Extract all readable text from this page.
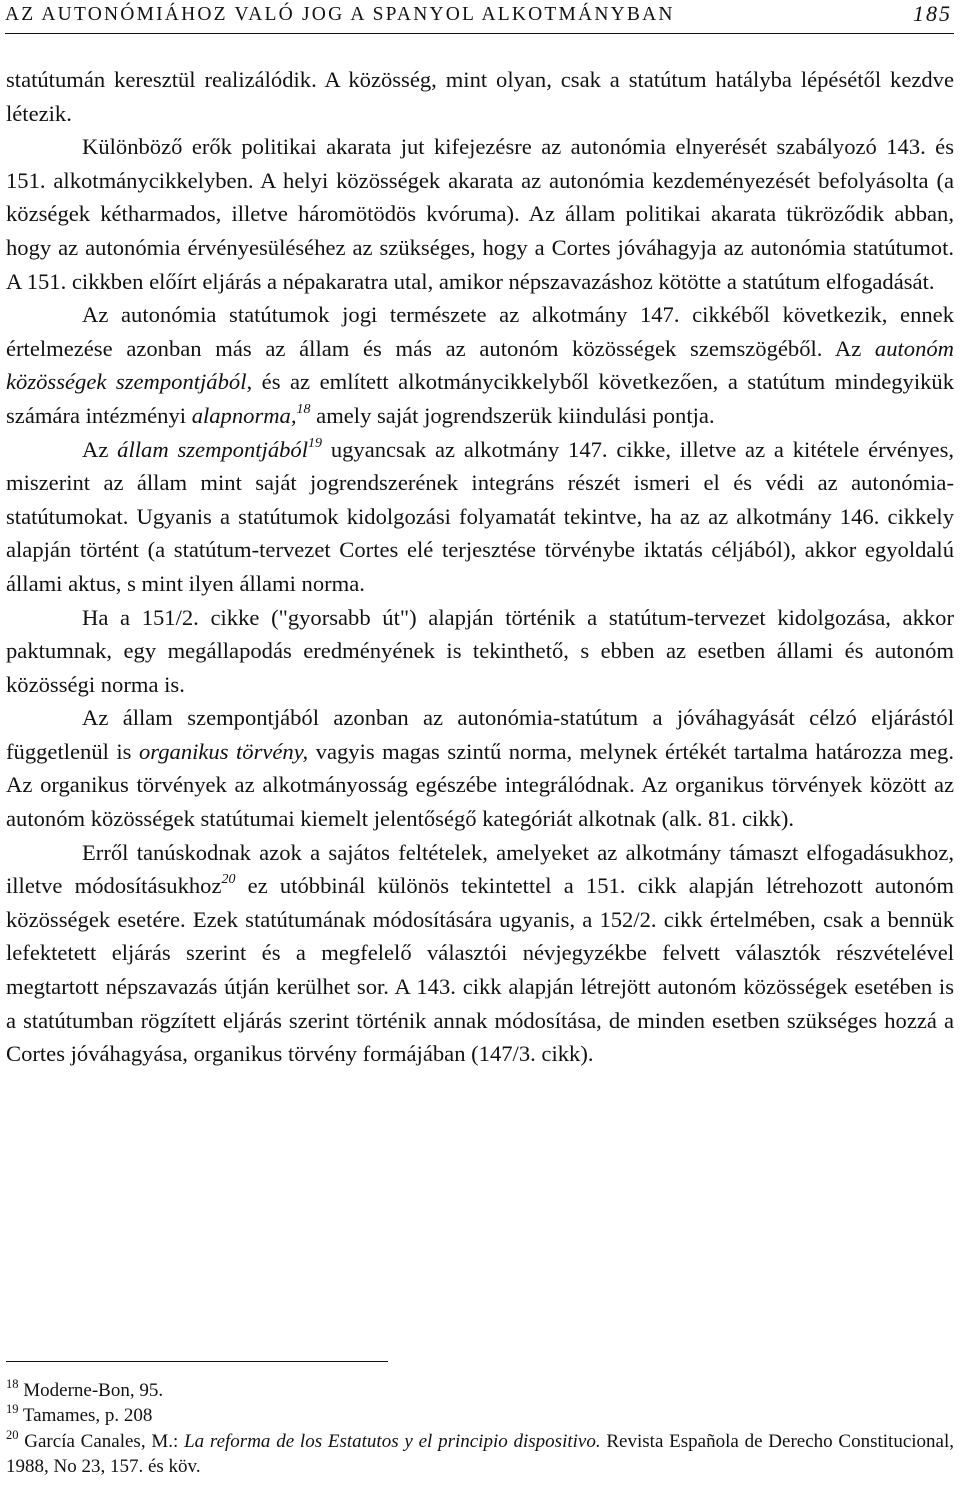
AZ AUTONÓMIÁHOZ VALÓ JOG A SPANYOL ALKOTMÁNYBAN	185

statútumán keresztül realizálódik. A közösség, mint olyan, csak a statútum hatályba lépésétől kezdve létezik.

Különböző erők politikai akarata jut kifejezésre az autonómia elnyerését szabályozó 143. és 151. alkotmánycikkelyben. A helyi közösségek akarata az autonómia kezdeményezését befolyásolta (a községek kétharmados, illetve háromötödös kvóruma). Az állam politikai akarata tükröződik abban, hogy az autonómia érvényesüléséhez az szükséges, hogy a Cortes jóváhagyja az autonómia statútumot. A 151. cikkben előírt eljárás a népakaratra utal, amikor népszavazáshoz kötötte a statútum elfogadását.

Az autonómia statútumok jogi természete az alkotmány 147. cikkéből következik, ennek értelmezése azonban más az állam és más az autonóm közösségek szemszögéből. Az autonóm közösségek szempontjából, és az említett alkotmánycikkelyből következően, a statútum mindegyikük számára intézményi alapnorma,$^{18}$ amely saját jogrendszerük kiindulási pontja.

Az állam szempontjából$^{19}$ ugyancsak az alkotmány 147. cikke, illetve az a kitétele érvényes, miszerint az állam mint saját jogrendszerének integráns részét ismeri el és védi az autonómia-statútumokat. Ugyanis a statútumok kidolgozási folyamatát tekintve, ha az az alkotmány 146. cikkely alapján történt (a statútum-tervezet Cortes elé terjesztése törvénybe iktatás céljából), akkor egyoldalú állami aktus, s mint ilyen állami norma.

Ha a 151/2. cikke ("gyorsabb út") alapján történik a statútum-tervezet kidolgozása, akkor paktumnak, egy megállapodás eredményének is tekinthető, s ebben az esetben állami és autonóm közösségi norma is.

Az állam szempontjából azonban az autonómia-statútum a jóváhagyását célzó eljárástól függetlenül is organikus törvény, vagyis magas szintű norma, melynek értékét tartalma határozza meg. Az organikus törvények az alkotmányosság egészébe integrálódnak. Az organikus törvények között az autonóm közösségek statútumai kiemelt jelentőségő kategóriát alkotnak (alk. 81. cikk).

Erről tanúskodnak azok a sajátos feltételek, amelyeket az alkotmány támaszt elfogadásukhoz, illetve módosításukhoz$^{20}$ ez utóbbinál különös tekintettel a 151. cikk alapján létrehozott autonóm közösségek esetére. Ezek statútumának módosítására ugyanis, a 152/2. cikk értelmében, csak a bennük lefektetett eljárás szerint és a megfelelő választói névjegyzékbe felvett választók részvételével megtartott népszavazás útján kerülhet sor. A 143. cikk alapján létrejött autonóm közösségek esetében is a statútumban rögzített eljárás szerint történik annak módosítása, de minden esetben szükséges hozzá a Cortes jóváhagyása, organikus törvény formájában (147/3. cikk).

$^{18}$ Moderne-Bon, 95.

$^{19}$ Tamames, p. 208

$^{20}$ García Canales, M.: La reforma de los Estatutos y el principio dispositivo. Revista Española de Derecho Constitucional, 1988, No 23, 157. és köv.
